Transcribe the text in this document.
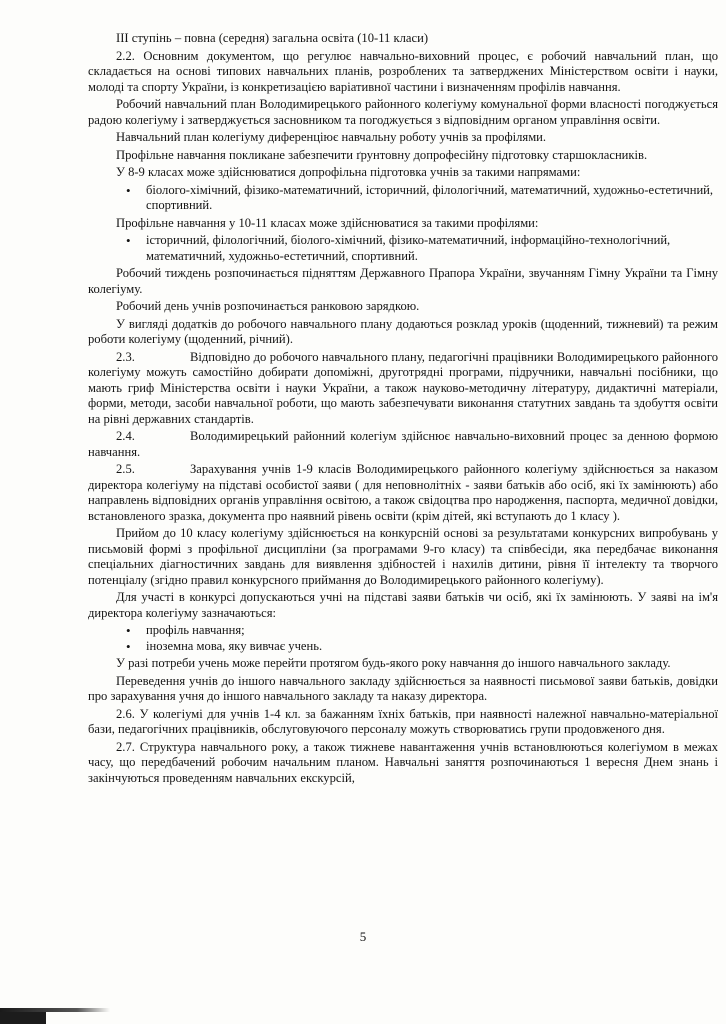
ІІІ ступінь – повна (середня) загальна освіта (10-11 класи)

2.2. Основним документом, що регулює навчально-виховний процес, є робочий навчальний план, що складається на основі типових навчальних планів, розроблених та затверджених Міністерством освіти і науки, молоді та спорту України, із конкретизацією варіативної частини і визначенням профілів навчання.

Робочий навчальний план Володимирецького районного колегіуму комунальної форми власності погоджується радою колегіуму і затверджується засновником та погоджується з відповідним органом управління освіти.

Навчальний план колегіуму диференціює навчальну роботу учнів за профілями.

Профільне навчання покликане забезпечити ґрунтовну допрофесійну підготовку старшокласників.

У 8-9 класах може здійснюватися допрофільна підготовка учнів за такими напрямами:

• біолого-хімічний, фізико-математичний, історичний, філологічний, математичний, художньо-естетичний, спортивний.

Профільне навчання у 10-11 класах може здійснюватися за такими профілями:

• історичний, філологічний, біолого-хімічний, фізико-математичний, інформаційно-технологічний, математичний, художньо-естетичний, спортивний.

Робочий тиждень розпочинається підняттям Державного Прапора України, звучанням Гімну України та Гімну колегіуму.

Робочий день учнів розпочинається ранковою зарядкою.

У вигляді додатків до робочого навчального плану додаються розклад уроків (щоденний, тижневий) та режим роботи колегіуму (щоденний, річний).

2.3.	Відповідно до робочого навчального плану, педагогічні працівники Володимирецького районного колегіуму можуть самостійно добирати допоміжні, друготрядні програми, підручники, навчальні посібники, що мають гриф Міністерства освіти і науки України, а також науково-методичну літературу, дидактичні матеріали, форми, методи, засоби навчальної роботи, що мають забезпечувати виконання статутних завдань та здобуття освіти на рівні державних стандартів.

2.4.	Володимирецький районний колегіум здійснює навчально-виховний процес за денною формою навчання.

2.5.	Зарахування учнів 1-9 класів Володимирецького районного колегіуму здійснюється за наказом директора колегіуму на підставі особистої заяви ( для неповнолітніх - заяви батьків або осіб, які їх замінюють) або направлень відповідних органів управління освітою, а також свідоцтва про народження, паспорта, медичної довідки, встановленого зразка, документа про наявний рівень освіти (крім дітей, які вступають до 1 класу ).

Прийом до 10 класу колегіуму здійснюється на конкурсній основі за результатами конкурсних випробувань у письмовій формі з профільної дисципліни (за програмами 9-го класу) та співбесіди, яка передбачає виконання спеціальних діагностичних завдань для виявлення здібностей і нахилів дитини, рівня її інтелекту та творчого потенціалу (згідно правил конкурсного приймання до Володимирецького районного колегіуму).

Для участі в конкурсі допускаються учні на підставі заяви батьків чи осіб, які їх замінюють. У заяві на ім'я директора колегіуму зазначаються:

• профіль навчання;
• іноземна мова, яку вивчає учень.

У разі потреби учень може перейти протягом будь-якого року навчання до іншого навчального закладу.

Переведення учнів до іншого навчального закладу здійснюється за наявності письмової заяви батьків, довідки про зарахування учня до іншого навчального закладу та наказу директора.

2.6. У колегіумі для учнів 1-4 кл. за бажанням їхніх батьків, при наявності належної навчально-матеріальної бази, педагогічних працівників, обслуговуючого персоналу можуть створюватись групи продовженого дня.

2.7. Структура навчального року, а також тижневе навантаження учнів встановлюються колегіумом в межах часу, що передбачений робочим начальним планом. Навчальні заняття розпочинаються 1 вересня Днем знань і закінчуються проведенням навчальних екскурсій,

5
